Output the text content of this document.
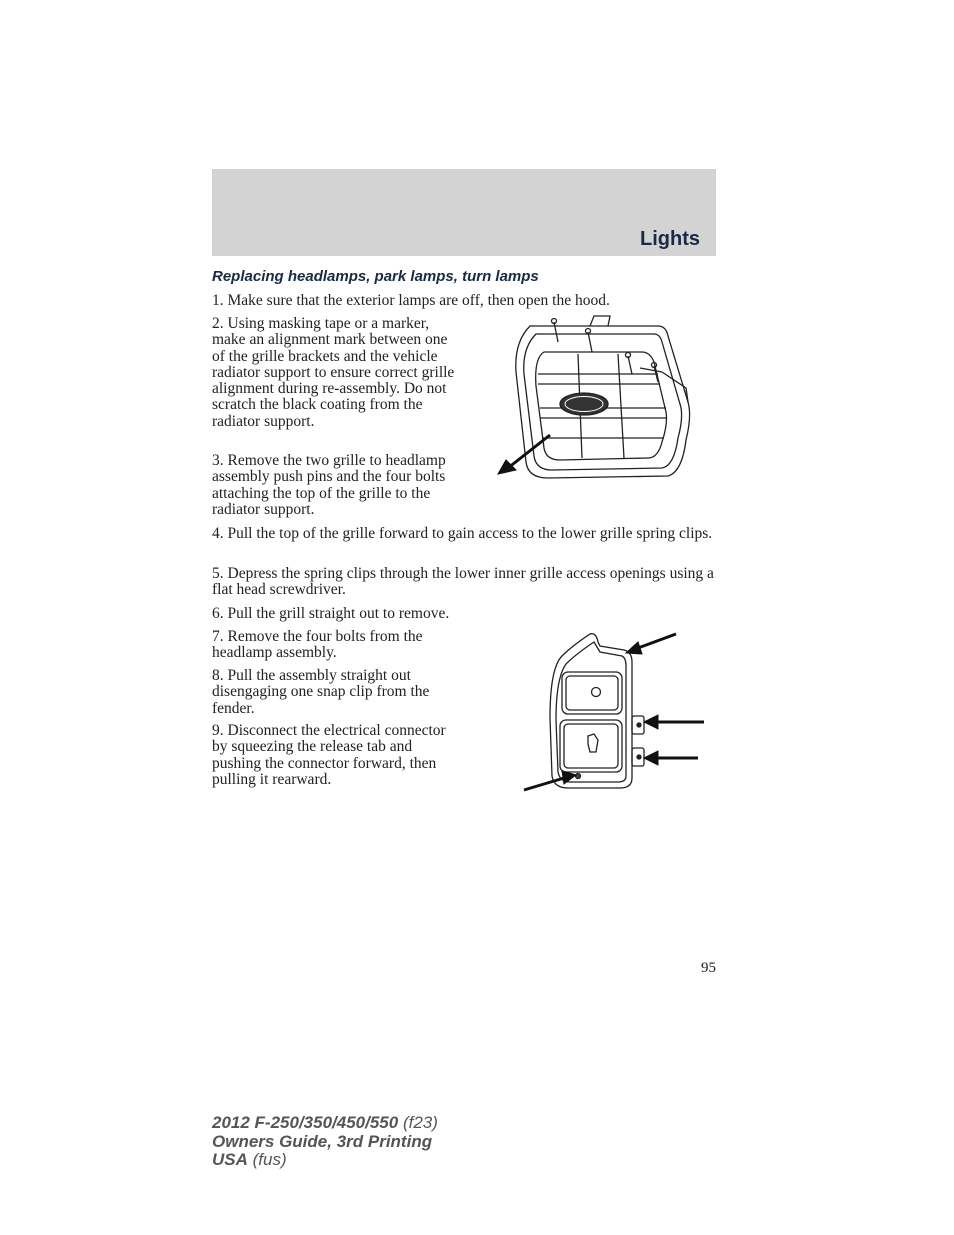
Lights
Replacing headlamps, park lamps, turn lamps

1. Make sure that the exterior lamps are off, then open the hood.

2. Using masking tape or a marker, make an alignment mark between one of the grille brackets and the vehicle radiator support to ensure correct grille alignment during re-assembly. Do not scratch the black coating from the radiator support.

3. Remove the two grille to headlamp assembly push pins and the four bolts attaching the top of the grille to the radiator support.

4. Pull the top of the grille forward to gain access to the lower grille spring clips.

5. Depress the spring clips through the lower inner grille access openings using a flat head screwdriver.

6. Pull the grill straight out to remove.

7. Remove the four bolts from the headlamp assembly.

8. Pull the assembly straight out disengaging one snap clip from the fender.

9. Disconnect the electrical connector by squeezing the release tab and pushing the connector forward, then pulling it rearward.

95
2012 F-250/350/450/550 (f23)
Owners Guide, 3rd Printing
USA (fus)
